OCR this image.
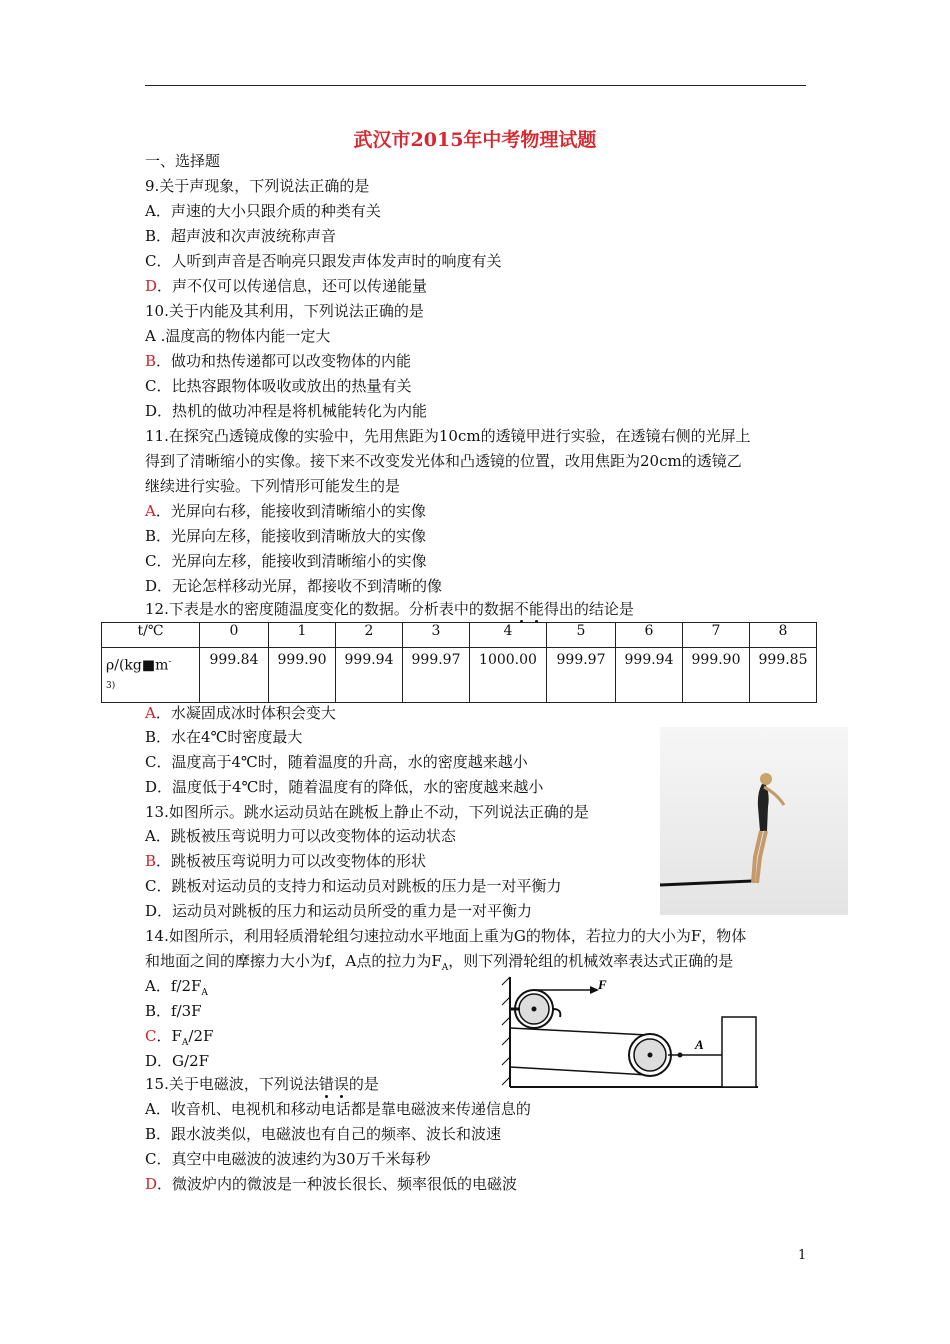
武汉市2015年中考物理试题
一、选择题
9.关于声现象，下列说法正确的是
A．声速的大小只跟介质的种类有关
B．超声波和次声波统称声音
C．人听到声音是否响亮只跟发声体发声时的响度有关
D．声不仅可以传递信息，还可以传递能量
10.关于内能及其利用，下列说法正确的是
A .温度高的物体内能一定大
B．做功和热传递都可以改变物体的内能
C．比热容跟物体吸收或放出的热量有关
D．热机的做功冲程是将机械能转化为内能
11.在探究凸透镜成像的实验中，先用焦距为10cm的透镜甲进行实验，在透镜右侧的光屏上
得到了清晰缩小的实像。接下来不改变发光体和凸透镜的位置，改用焦距为20cm的透镜乙
继续进行实验。下列情形可能发生的是
A．光屏向右移，能接收到清晰缩小的实像
B．光屏向左移，能接收到清晰放大的实像
C．光屏向左移，能接收到清晰缩小的实像
D．无论怎样移动光屏，都接收不到清晰的像
12.下表是水的密度随温度变化的数据。分析表中的数据不能得出的结论是
t/℃	0	1	2	3	4	5	6	7	8
ρ/(kg■m-
$^{3)}$	999.84	999.90	999.94	999.97	1000.00	999.97	999.94	999.90	999.85
A．水凝固成冰时体积会变大
B．水在4℃时密度最大
C．温度高于4℃时，随着温度的升高，水的密度越来越小
D．温度低于4℃时，随着温度有的降低，水的密度越来越小
13.如图所示。跳水运动员站在跳板上静止不动，下列说法正确的是
A．跳板被压弯说明力可以改变物体的运动状态
B．跳板被压弯说明力可以改变物体的形状
C．跳板对运动员的支持力和运动员对跳板的压力是一对平衡力
D．运动员对跳板的压力和运动员所受的重力是一对平衡力
14.如图所示，利用轻质滑轮组匀速拉动水平地面上重为G的物体，若拉力的大小为F，物体
和地面之间的摩擦力大小为f，A点的拉力为$F_A$，则下列滑轮组的机械效率表达式正确的是
A．$f/2F_A$
B．f/3F
C．$F_A/2F$
D．G/2F
F
A
15.关于电磁波，下列说法错误的是
A．收音机、电视机和移动电话都是靠电磁波来传递信息的
B．跟水波类似，电磁波也有自己的频率、波长和波速
C．真空中电磁波的波速约为30万千米每秒
D．微波炉内的微波是一种波长很长、频率很低的电磁波
1
